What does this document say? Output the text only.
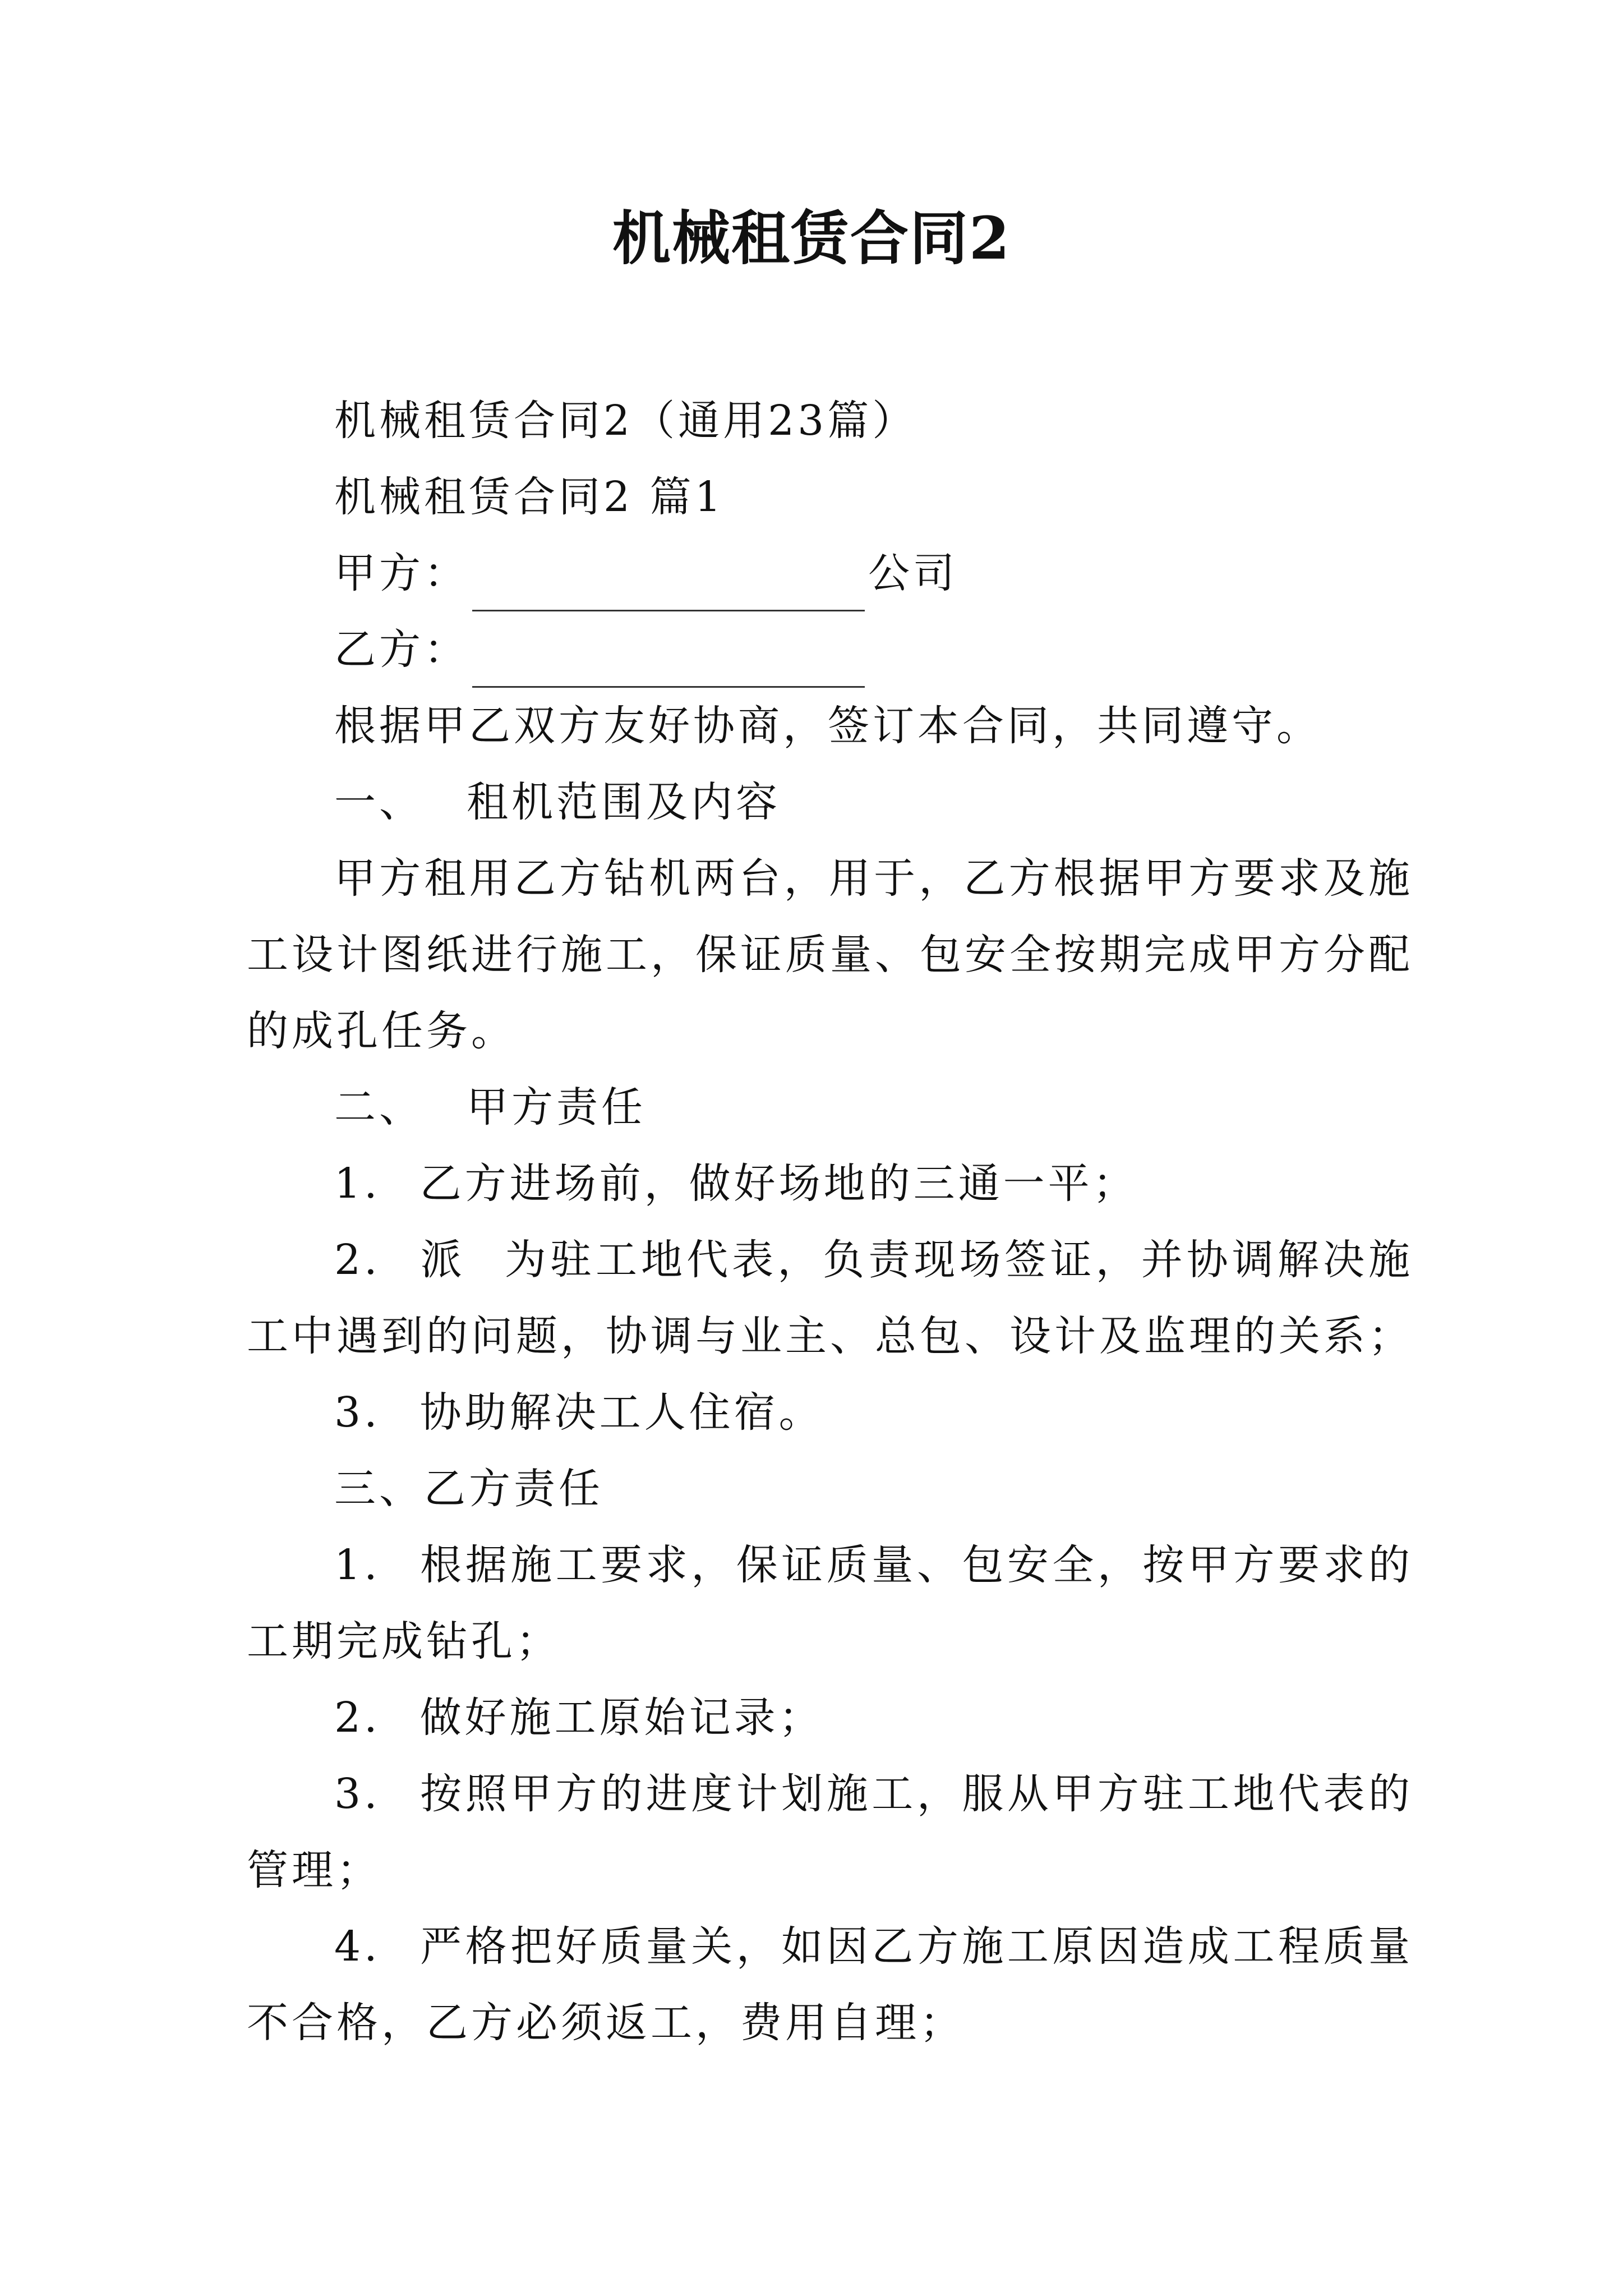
机械租赁合同2

机械租赁合同2（通用23篇）

机械租赁合同2 篇1

甲方：	公司

乙方：

根据甲乙双方友好协商，签订本合同，共同遵守。

一、 租机范围及内容

甲方租用乙方钻机两台，用于，乙方根据甲方要求及施工设计图纸进行施工，保证质量、包安全按期完成甲方分配的成孔任务。

二、 甲方责任

1. 乙方进场前，做好场地的三通一平；

2. 派 为驻工地代表，负责现场签证，并协调解决施工中遇到的问题，协调与业主、总包、设计及监理的关系；

3. 协助解决工人住宿。

三、乙方责任

1. 根据施工要求，保证质量、包安全，按甲方要求的工期完成钻孔；

2. 做好施工原始记录；

3. 按照甲方的进度计划施工，服从甲方驻工地代表的管理；

4. 严格把好质量关，如因乙方施工原因造成工程质量不合格，乙方必须返工，费用自理；
